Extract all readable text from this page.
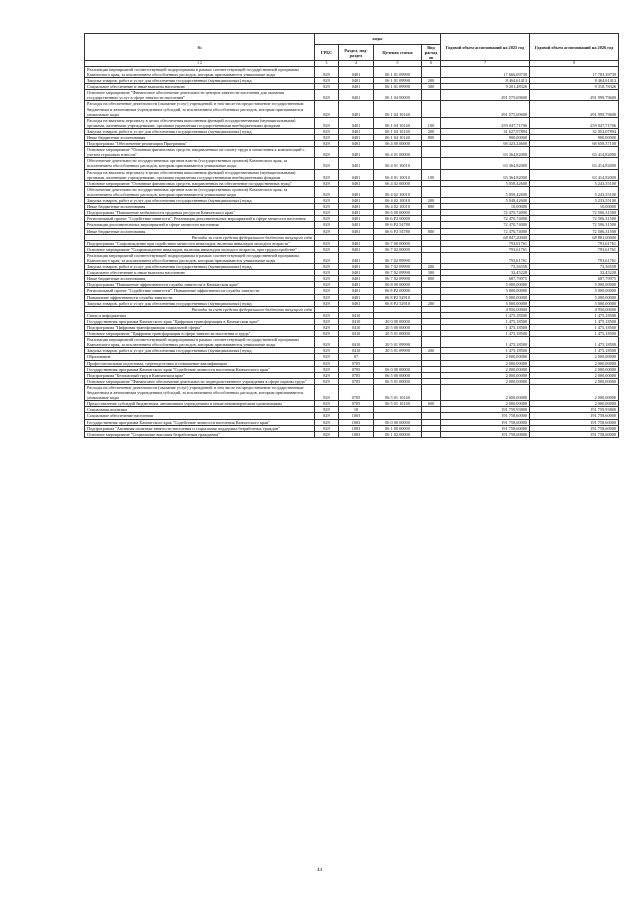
№	коды				Годовой объем ассигнований на 2025 год	Годовой объем ассигнований на 2026 год
	ГРБС	Раздел, под-раздел	Целевая статья	Вид расходов		
1 2	3	4	5	6	7	8
Реализация мероприятий соответствующей подпрограммы в рамках соответствующей государственной программы Камчатского края, за исключением обособленных расходов, которым присваиваются уникальные коды	829	0401	06 1 01 09990		17 666,09739	17 783,39739
Закупка товаров, работ и услуг для обеспечения государственных (муниципальных) нужд	829	0401	06 1 01 09990	200	8 464,61413	8 464,61413
Социальное обеспечение и иные выплаты населению	829	0401	06 1 01 09990	300	9 201,48326	9 318,78326
Основное мероприятие "Финансовое обеспечение деятельности центров занятости населения для оказания государственных услуг в сфере занятости населения"	829	0401	06 1 04 00000		291 575,69600	291 999,79600
Расходы на обеспечение деятельности (оказание услуг) учреждений, в том числе на предоставление государственным бюджетным и автономным учреждениям субсидий, за исключением обособленных расходов, которым присваиваются уникальные коды	829	0401	06 1 04 10140		291 575,69600	291 999,79600
Расходы на выплаты персоналу в целях обеспечения выполнения функций государственными (муниципальными) органами, казенными учреждениями, органами управления государственными внебюджетными фондами	829	0401	06 1 04 10140	100	259 047,71706	259 047,71706
Закупка товаров, работ и услуг для обеспечения государственных (муниципальных) нужд	829	0401	06 1 04 10140	200	31 627,97894	32 052,07894
Иные бюджетные ассигнования	829	0401	06 1 04 10140	800	900,00000	900,00000
Подпрограмма "Обеспечение реализации Программы"	829	0401	06 4 00 00000		68 423,24600	68 658,37100
Основное мероприятие "Основные финансовых средств, направленных на оплату труда и начисления к компенсаций с учетом страховых взносов"	829	0401	06 4 01 00000		63 364,82000	63 414,82000
Обеспечение деятельности государственных органов власти (государственных органов) Камчатского края, за исключением обособленных расходов, которым присваиваются уникальные коды	829	0401	06 4 01 10010		63 364,82000	63 414,82000
Расходы на выплаты персоналу в целях обеспечения выполнения функций государственными (муниципальными) органами, казенными учреждениями, органами управления государственными внебюджетными фондами	829	0401	06 4 01 10010	100	63 364,82000	63 414,82000
Основное мероприятие "Основные финансовых средств, направленных на обеспечение государственных нужд"	829	0401	06 4 02 00000		5 058,42600	5 243,55100
Обеспечение деятельности государственных органов власти (государственных органов) Камчатского края, за исключением обособленных расходов, которым присваиваются уникальные коды	829	0401	06 4 02 10010		5 058,42600	5 243,55100
Закупка товаров, работ и услуг для обеспечения государственных (муниципальных) нужд	829	0401	06 4 02 10010	200	5 048,42600	5 233,55100
Иные бюджетные ассигнования	829	0401	06 4 02 10010	800	10,00000	10,00000
Подпрограмма "Повышение мобильности трудовых ресурсов Камчатского края"	829	0401	06 6 00 00000		72 470,74000	72 506,31500
Региональный проект "Содействие занятости". Реализация дополнительных мероприятий в сфере занятости населения	829	0401	06 6 P2 00000		72 470,74000	72 506,31500
Реализация дополнительных мероприятий в сфере занятости населения	829	0401	06 6 P2 54780		72 470,74000	72 506,31500
Иные бюджетные ассигнования	829	0401	06 6 P2 54780	800	72 470,74000	72 506,31500
Расходы за счет средств федерального бюджета текущего года					68 847,20000	68 881,00000
Подпрограмма "Сопровождение при содействии занятости инвалидов, включая инвалидов молодого возраста"	829	0401	06 7 00 00000		793,61761	793,61761
Основное мероприятие "Сопровождение инвалидов, включая инвалидов молодого возраста, при трудоустройстве"	829	0401	06 7 02 00000		793,61761	793,61761
Реализация мероприятий соответствующей подпрограммы в рамках соответствующей государственной программы Камчатского края, за исключением обособленных расходов, которым присваиваются уникальные коды	829	0401	06 7 02 09990		793,61761	793,61761
Закупка товаров, работ и услуг для обеспечения государственных (муниципальных) нужд	829	0401	06 7 02 09990	200	73,36558	73,36558
Социальное обеспечение и иные выплаты населению	829	0401	06 7 02 09990	300	32,45228	32,45228
Иные бюджетные ассигнования	829	0401	06 7 02 09990	800	687,79975	687,79975
Подпрограмма "Повышение эффективности службы занятости в Камчатском крае"	829	0401	06 8 00 00000		5 000,00000	5 000,00000
Региональный проект "Содействие занятости". Повышение эффективности службы занятости	829	0401	06 8 P2 00000		5 000,00000	5 000,00000
Повышение эффективности службы занятости	829	0401	06 8 P2 52910		5 000,00000	5 000,00000
Закупка товаров, работ и услуг для обеспечения государственных (муниципальных) нужд	829	0401	06 8 P2 52910	200	5 000,00000	5 000,00000
Расходы за счет средств федерального бюджета текущего года					4 950,00000	4 950,00000
Связь и информатика	829	0410			1 475,18500	1 475,18500
Государственная программа Камчатского края "Цифровая трансформация в Камчатском крае"	829	0410	20 0 00 00000		1 475,18500	1 475,18500
Подпрограмма "Цифровая трансформация социальной сферы"	829	0410	20 5 00 00000		1 475,18500	1 475,18500
Основное мероприятие "Цифровая трансформация в сфере занятости населения и труда"	829	0410	20 5 01 00000		1 475,18500	1 475,18500
Реализация мероприятий соответствующей подпрограммы в рамках соответствующей государственной программы Камчатского края, за исключением обособленных расходов, которым присваиваются уникальные коды	829	0410	20 5 01 09990		1 475,18500	1 475,18500
Закупка товаров, работ и услуг для обеспечения государственных (муниципальных) нужд	829	0410	20 5 01 09990	200	1 475,18500	1 475,18500
Образование	829	07			2 000,00000	2 000,00000
Профессиональная подготовка, переподготовка и повышение квалификации	829	0705			2 000,00000	2 000,00000
Государственная программа Камчатского края "Содействие занятости населения Камчатского края"	829	0705	06 0 00 00000		2 000,00000	2 000,00000
Подпрограмма "Безопасный труд в Камчатском крае"	829	0705	06 5 00 00000		2 000,00000	2 000,00000
Основное мероприятие "Финансовое обеспечение деятельности подведомственного учреждения в сфере охраны труда"	829	0705	06 5 01 00000		2 000,00000	2 000,00000
Расходы на обеспечение деятельности (оказание услуг) учреждений, в том числе на предоставление государственным бюджетным и автономным учреждениям субсидий, за исключением обособленных расходов, которым присваиваются уникальные коды	829	0705	06 5 01 10140		2 000,00000	2 000,00000
Предоставление субсидий бюджетным, автономным учреждениям и иным некоммерческим организациям	829	0705	06 5 01 10140	600	2 000,00000	2 000,00000
Социальная политика	829	10			191 759,93800	191 759,93800
Социальное обеспечение населения	829	1003			191 758,60000	191 758,60000
Государственная программа Камчатского края "Содействие занятости населения Камчатского края"	829	1003	06 0 00 00000		191 758,60000	191 758,60000
Подпрограмма "Активная политика занятости населения и социальная поддержка безработных граждан"	829	1003	06 1 00 00000		191 758,60000	191 758,60000
Основное мероприятие "Социальные выплаты безработным гражданам"	829	1003	06 1 02 00000		191 758,60000	191 758,60000
44
